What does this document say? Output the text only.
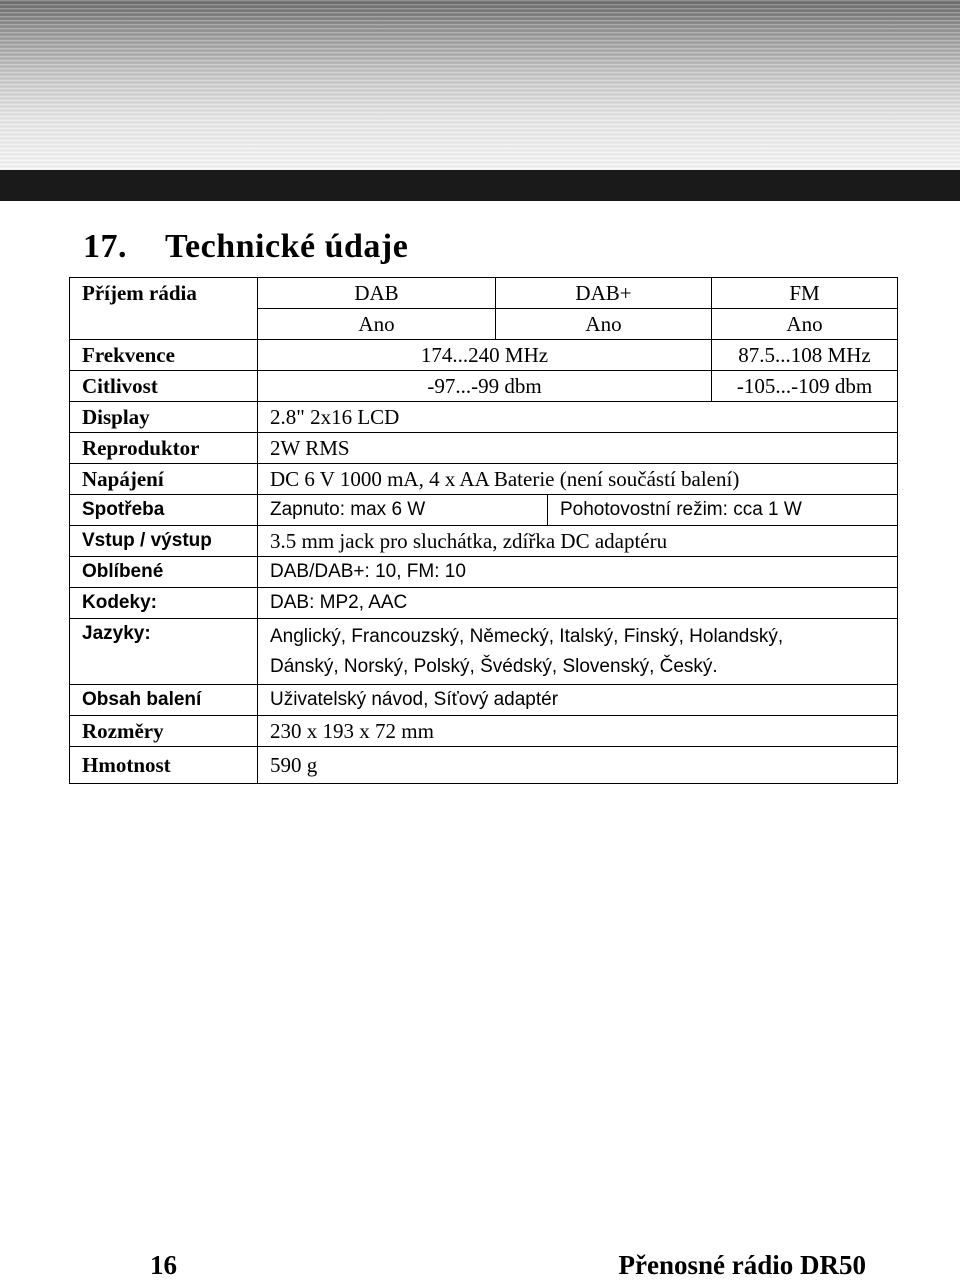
17. Technické údaje
Příjem rádia	DAB	DAB+		FM
	Ano	Ano		Ano
Frekvence	174...240 MHz			87.5...108 MHz
Citlivost	-97...-99 dbm			-105...-109 dbm
Display	2.8" 2x16 LCD			
Reproduktor	2W RMS			
Napájení	DC 6 V 1000 mA, 4 x AA Baterie (není součástí balení)			
Spotřeba	Zapnuto: max 6 W		Pohotovostní režim: cca 1 W	
Vstup / výstup	3.5 mm jack pro sluchátka, zdířka DC adaptéru			
Oblíbené	DAB/DAB+: 10, FM: 10			
Kodeky:	DAB: MP2, AAC			
Jazyky:	Anglický, Francouzský, Německý, Italský, Finský, Holandský,
Dánský, Norský, Polský, Švédský, Slovenský, Český.			

Obsah balení	Uživatelský návod, Síťový adaptér			
Rozměry	230 x 193 x 72 mm			
Hmotnost	590 g			
16	Přenosné rádio DR50
